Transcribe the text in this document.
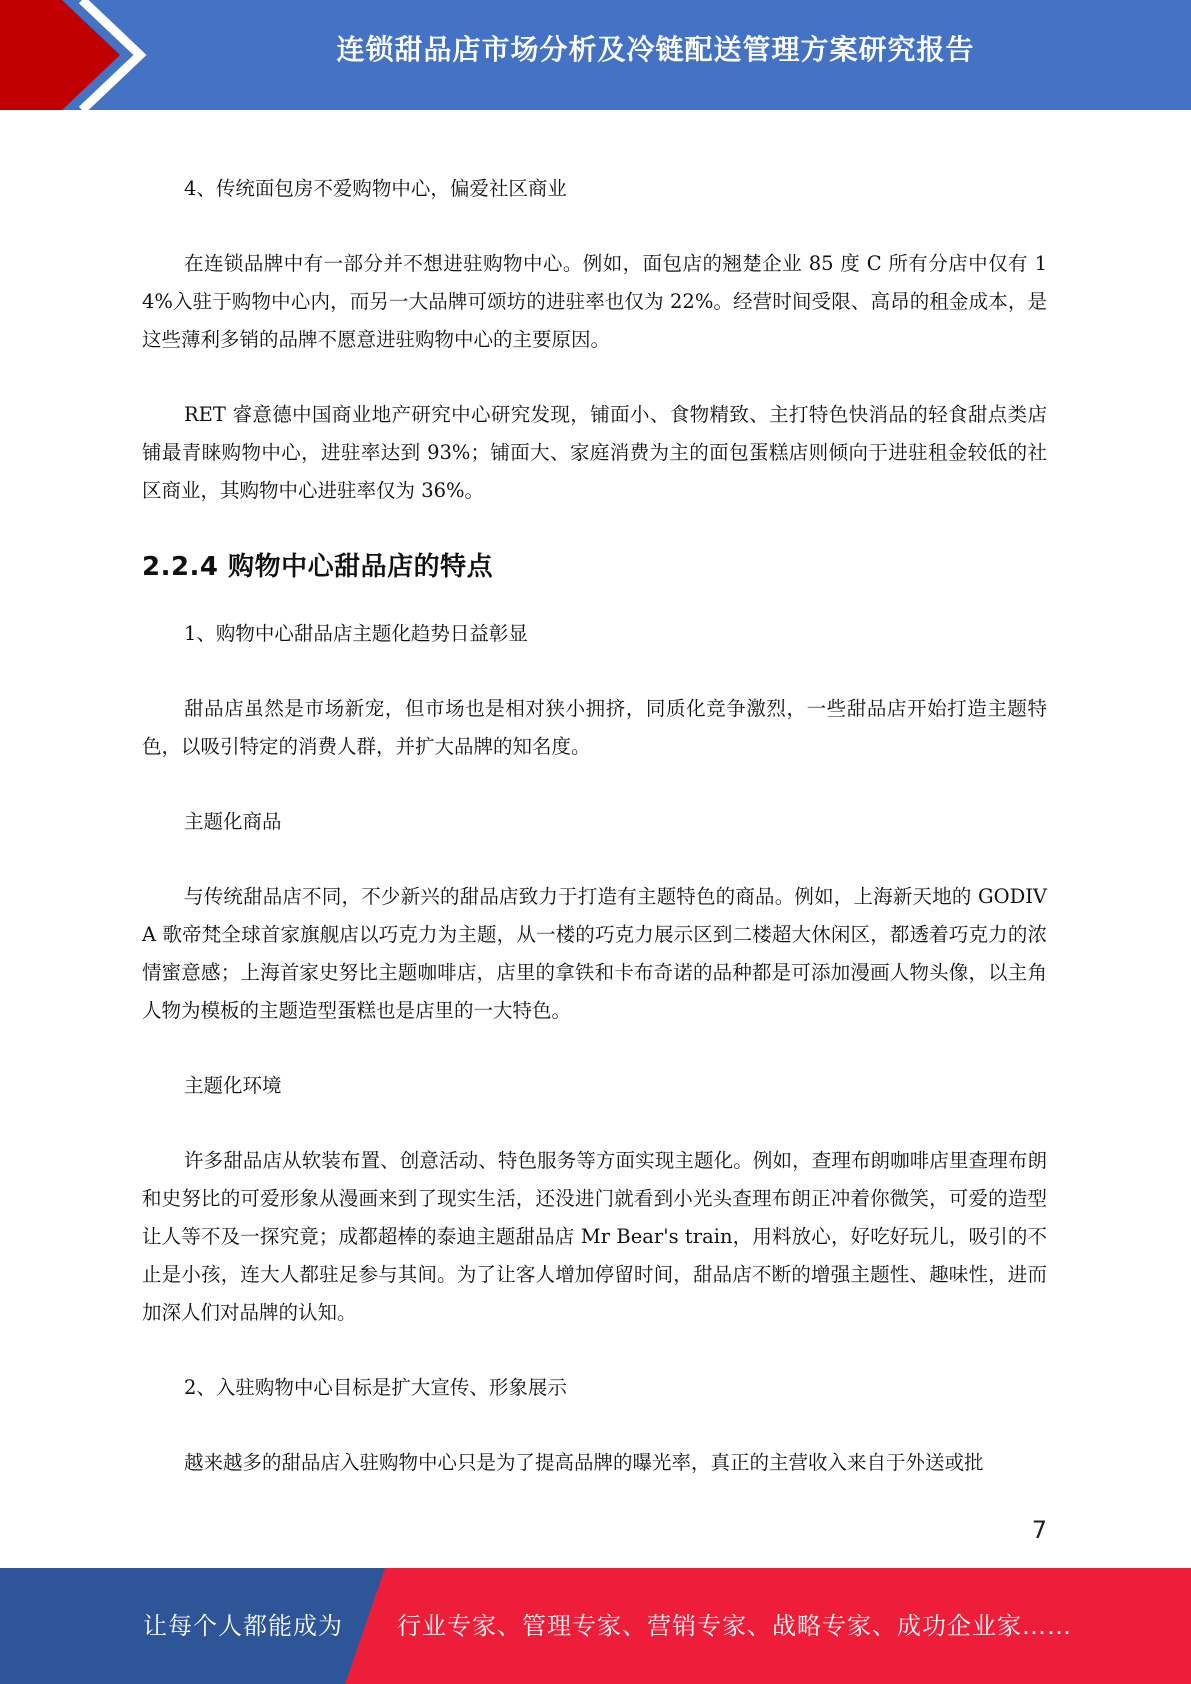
连锁甜品店市场分析及冷链配送管理方案研究报告

4、传统面包房不爱购物中心，偏爱社区商业

在连锁品牌中有一部分并不想进驻购物中心。例如，面包店的翘楚企业 85 度 C 所有分店中仅有 14%入驻于购物中心内，而另一大品牌可颂坊的进驻率也仅为 22%。经营时间受限、高昂的租金成本，是这些薄利多销的品牌不愿意进驻购物中心的主要原因。

RET 睿意德中国商业地产研究中心研究发现，铺面小、食物精致、主打特色快消品的轻食甜点类店铺最青睐购物中心，进驻率达到 93%；铺面大、家庭消费为主的面包蛋糕店则倾向于进驻租金较低的社区商业，其购物中心进驻率仅为 36%。

2.2.4 购物中心甜品店的特点

1、购物中心甜品店主题化趋势日益彰显

甜品店虽然是市场新宠，但市场也是相对狭小拥挤，同质化竞争激烈，一些甜品店开始打造主题特色，以吸引特定的消费人群，并扩大品牌的知名度。

主题化商品

与传统甜品店不同，不少新兴的甜品店致力于打造有主题特色的商品。例如，上海新天地的 GODIVA 歌帝梵全球首家旗舰店以巧克力为主题，从一楼的巧克力展示区到二楼超大休闲区，都透着巧克力的浓情蜜意感；上海首家史努比主题咖啡店，店里的拿铁和卡布奇诺的品种都是可添加漫画人物头像，以主角人物为模板的主题造型蛋糕也是店里的一大特色。

主题化环境

许多甜品店从软装布置、创意活动、特色服务等方面实现主题化。例如，查理布朗咖啡店里查理布朗和史努比的可爱形象从漫画来到了现实生活，还没进门就看到小光头查理布朗正冲着你微笑，可爱的造型让人等不及一探究竟；成都超棒的泰迪主题甜品店 Mr Bear's train，用料放心，好吃好玩儿，吸引的不止是小孩，连大人都驻足参与其间。为了让客人增加停留时间，甜品店不断的增强主题性、趣味性，进而加深人们对品牌的认知。

2、入驻购物中心目标是扩大宣传、形象展示

越来越多的甜品店入驻购物中心只是为了提高品牌的曝光率，真正的主营收入来自于外送或批

7
让每个人都能成为 行业专家、管理专家、营销专家、战略专家、成功企业家……
